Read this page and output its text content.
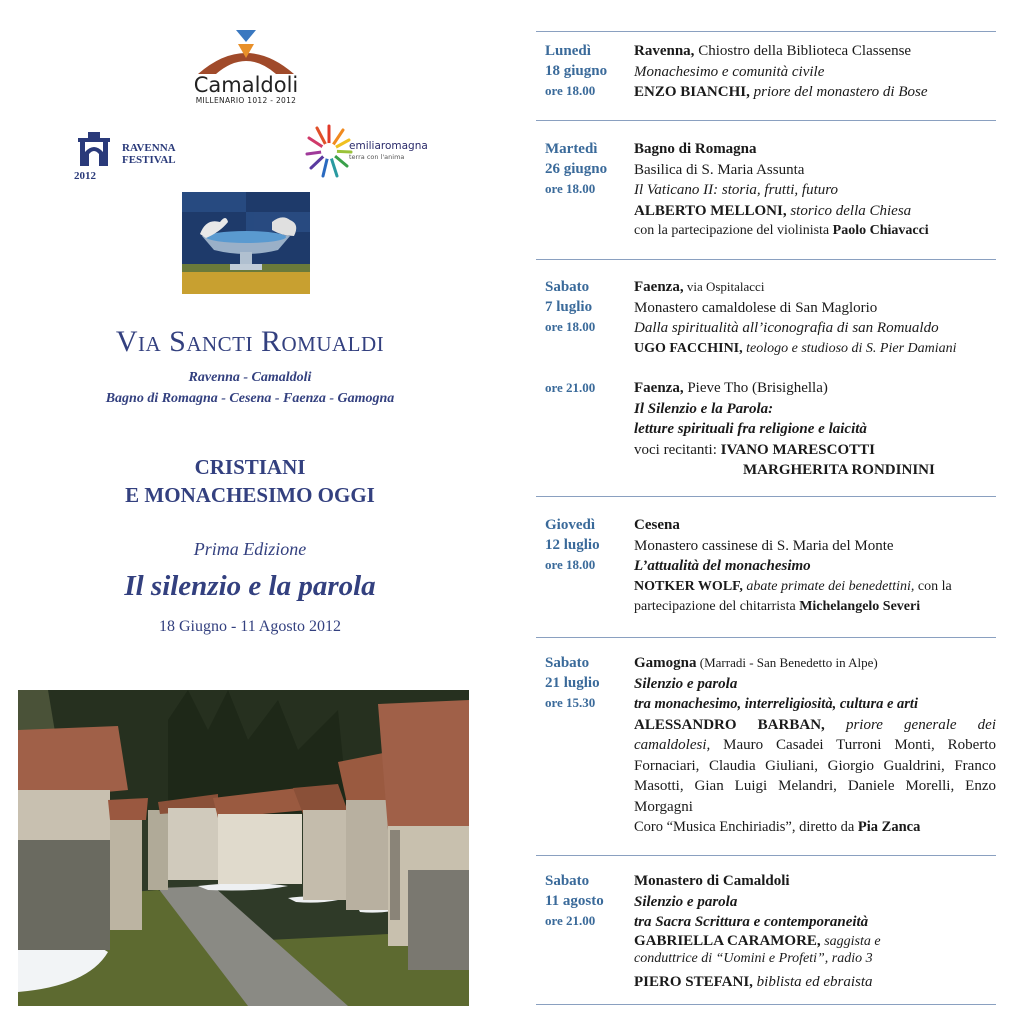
Camaldoli
MILLENARIO 1012 - 2012
RAVENNA
FESTIVAL
2012
emiliaromagna
terra con l'anima
Via Sancti Romualdi
Ravenna - Camaldoli
Bagno di Romagna - Cesena - Faenza - Gamogna
CRISTIANI
E MONACHESIMO OGGI
Prima Edizione
Il silenzio e la parola
18 Giugno - 11 Agosto 2012
Lunedì
18 giugno
ore 18.00
Ravenna, Chiostro della Biblioteca Classense
Monachesimo e comunità civile
ENZO BIANCHI, priore del monastero di Bose
Martedì
26 giugno
ore 18.00
Bagno di Romagna
Basilica di S. Maria Assunta
Il Vaticano II: storia, frutti, futuro
ALBERTO MELLONI, storico della Chiesa
con la partecipazione del violinista Paolo Chiavacci
Sabato
7 luglio
ore 18.00
Faenza, via Ospitalacci
Monastero camaldolese di San Maglorio
Dalla spiritualità all’iconografia di san Romualdo
UGO FACCHINI, teologo e studioso di S. Pier Damiani
ore 21.00	Faenza, Pieve Tho (Brisighella)
Il Silenzio e la Parola:
letture spirituali fra religione e laicità
voci recitanti: IVANO MARESCOTTI
MARGHERITA RONDININI
Giovedì
12 luglio
ore 18.00
Cesena
Monastero cassinese di S. Maria del Monte
L’attualità del monachesimo
NOTKER WOLF, abate primate dei benedettini, con la
partecipazione del chitarrista Michelangelo Severi
Sabato
21 luglio
ore 15.30
Gamogna (Marradi - San Benedetto in Alpe)
Silenzio e parola
tra monachesimo, interreligiosità, cultura e arti
ALESSANDRO BARBAN, priore generale dei camaldolesi, Mauro Casadei Turroni Monti, Roberto Fornaciari, Claudia Giuliani, Giorgio Gualdrini, Franco Masotti, Gian Luigi Melandri, Daniele Morelli, Enzo Morgagni
Coro “Musica Enchiriadis”, diretto da Pia Zanca
Sabato
11 agosto
ore 21.00
Monastero di Camaldoli
Silenzio e parola
tra Sacra Scrittura e contemporaneità
GABRIELLA CARAMORE, saggista e
conduttrice di “Uomini e Profeti”, radio 3
PIERO STEFANI, biblista ed ebraista
